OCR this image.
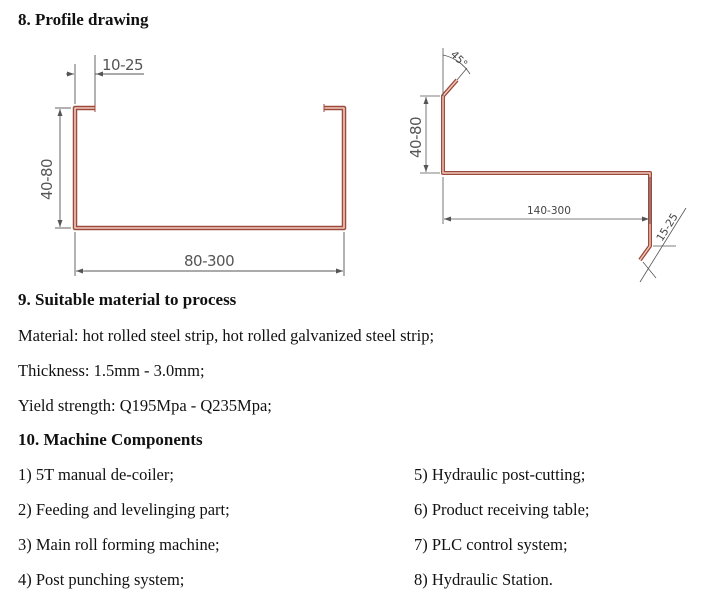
8. Profile drawing
10-25
40-80
80-300
45°
40-80
140-300
15-25
9. Suitable material to process
Material: hot rolled steel strip, hot rolled galvanized steel strip;
Thickness: 1.5mm - 3.0mm;
Yield strength: Q195Mpa - Q235Mpa;
10. Machine Components
1) 5T manual de-coiler;
2) Feeding and levelinging part;
3) Main roll forming machine;
4) Post punching system;
5) Hydraulic post-cutting;
6) Product receiving table;
7) PLC control system;
8) Hydraulic Station.
